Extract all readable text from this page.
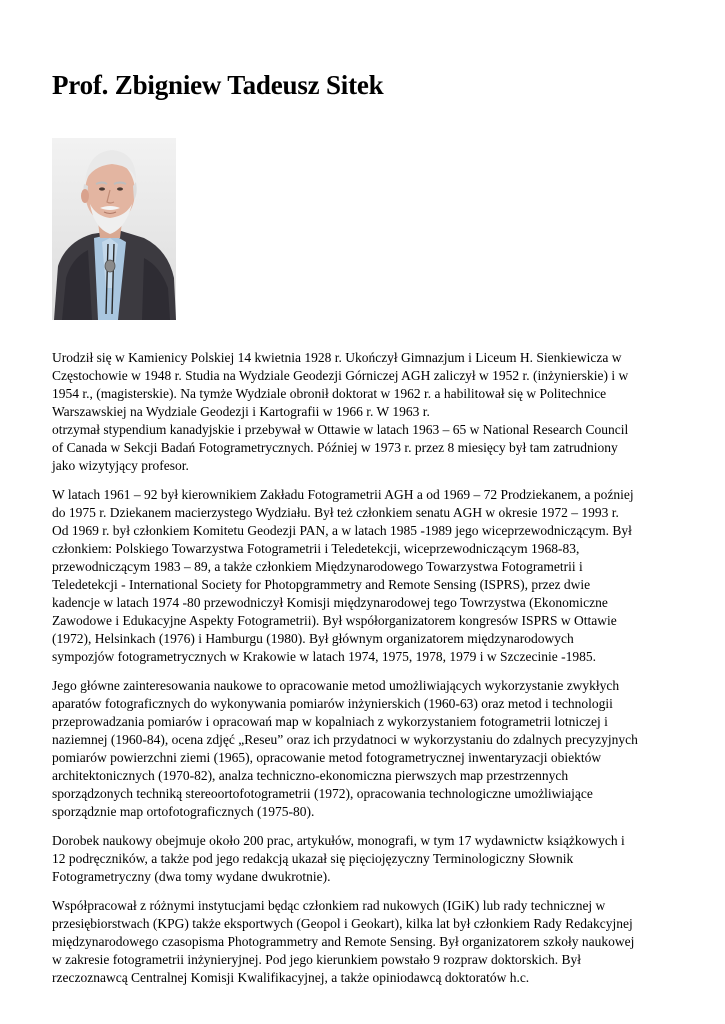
Prof. Zbigniew Tadeusz Sitek

Urodził się w Kamienicy Polskiej 14 kwietnia 1928 r. Ukończył Gimnazjum i Liceum H. Sienkiewicza w
Częstochowie w 1948 r. Studia na Wydziale Geodezji Górniczej AGH zaliczył w 1952 r. (inżynierskie) i w
1954 r., (magisterskie). Na tymże Wydziale obronił doktorat w 1962 r. a habilitował się w Politechnice
Warszawskiej na Wydziale Geodezji i Kartografii w 1966 r. W 1963 r.
otrzymał stypendium kanadyjskie i przebywał w Ottawie w latach 1963 – 65 w National Research Council
of Canada w Sekcji Badań Fotogrametrycznych. Później w 1973 r. przez 8 miesięcy był tam zatrudniony
jako wizytyjący profesor.

W latach 1961 – 92 był kierownikiem Zakładu Fotogrametrii AGH a od 1969 – 72 Prodziekanem, a poźniej
do 1975 r. Dziekanem macierzystego Wydziału. Był też członkiem senatu AGH w okresie 1972 – 1993 r.
Od 1969 r. był członkiem Komitetu Geodezji PAN, a w latach 1985 -1989 jego wiceprzewodniczącym. Był
członkiem: Polskiego Towarzystwa Fotogrametrii i Teledetekcji, wiceprzewodniczącym 1968-83,
przewodniczącym 1983 – 89, a także członkiem Międzynarodowego Towarzystwa Fotogrametrii i
Teledetekcji - International Society for Photopgrammetry and Remote Sensing (ISPRS), przez dwie
kadencje w latach 1974 -80 przewodniczył Komisji międzynarodowej tego Towrzystwa (Ekonomiczne
Zawodowe i Edukacyjne Aspekty Fotogrametrii). Był współorganizatorem kongresów ISPRS w Ottawie
(1972), Helsinkach (1976) i Hamburgu (1980). Był głównym organizatorem międzynarodowych
sympozjów fotogrametrycznych w Krakowie w latach 1974, 1975, 1978, 1979 i w Szczecinie -1985.

Jego główne zainteresowania naukowe to opracowanie metod umożliwiających wykorzystanie zwykłych
aparatów fotograficznych do wykonywania pomiarów inżynierskich (1960-63) oraz metod i technologii
przeprowadzania pomiarów i opracowań map w kopalniach z wykorzystaniem fotogrametrii lotniczej i
naziemnej (1960-84), ocena zdjęć „Reseu” oraz ich przydatnoci w wykorzystaniu do zdalnych precyzyjnych
pomiarów powierzchni ziemi (1965), opracowanie metod fotogrametrycznej inwentaryzacji obiektów
architektonicznych (1970-82), analza techniczno-ekonomiczna pierwszych map przestrzennych
sporządzonych techniką stereoortofotogrametrii (1972), opracowania technologiczne umożliwiające
sporządznie map ortofotograficznych (1975-80).

Dorobek naukowy obejmuje około 200 prac, artykułów, monografi, w tym 17 wydawnictw książkowych i
12 podręczników, a także pod jego redakcją ukazał się pięciojęzyczny Terminologiczny Słownik
Fotogrametryczny (dwa tomy wydane dwukrotnie).

Współpracował z różnymi instytucjami będąc członkiem rad nukowych (IGiK) lub rady technicznej w
przesiębiorstwach (KPG) także eksportwych (Geopol i Geokart), kilka lat był członkiem Rady Redakcyjnej
międzynarodowego czasopisma Photogrammetry and Remote Sensing. Był organizatorem szkoły naukowej
w zakresie fotogrametrii inżynieryjnej. Pod jego kierunkiem powstało 9 rozpraw doktorskich. Był
rzeczoznawcą Centralnej Komisji Kwalifikacyjnej, a także opiniodawcą doktoratów h.c.
